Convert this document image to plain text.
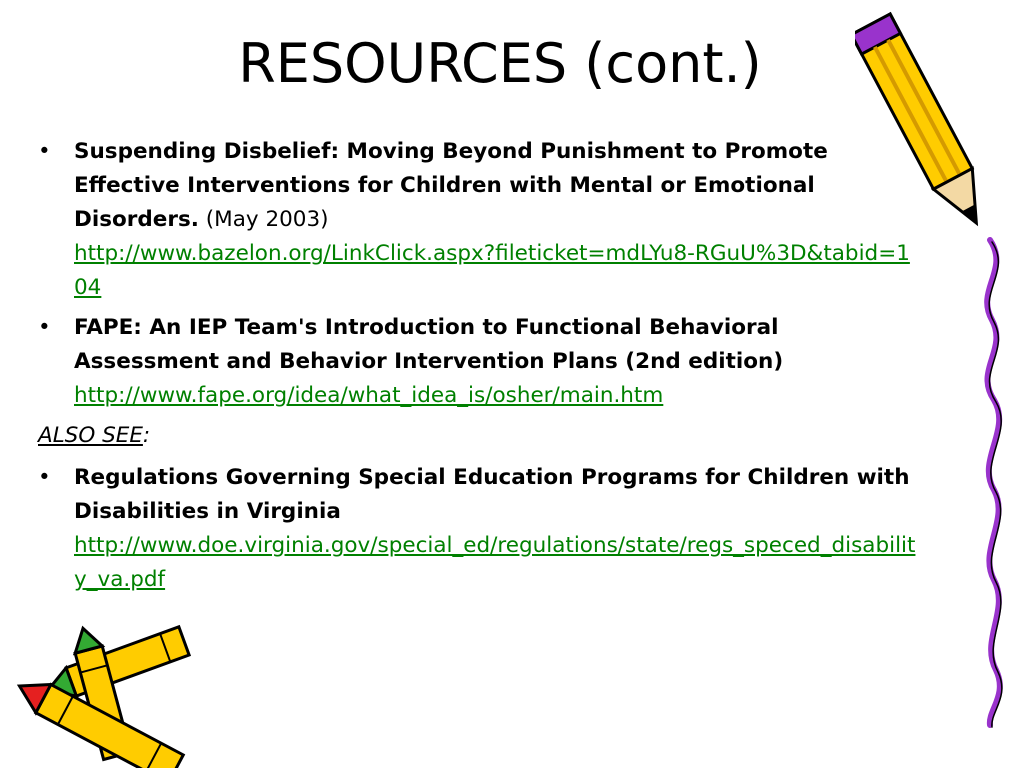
RESOURCES (cont.)
•	Suspending Disbelief: Moving Beyond Punishment to Promote Effective Interventions for Children with Mental or Emotional Disorders. (May 2003)
http://www.bazelon.org/LinkClick.aspx?fileticket=mdLYu8-RGuU%3D&tabid=104
•	FAPE: An IEP Team's Introduction to Functional Behavioral Assessment and Behavior Intervention Plans (2nd edition)
http://www.fape.org/idea/what_idea_is/osher/main.htm
ALSO SEE:
•	Regulations Governing Special Education Programs for Children with Disabilities in Virginia
http://www.doe.virginia.gov/special_ed/regulations/state/regs_speced_disability_va.pdf
